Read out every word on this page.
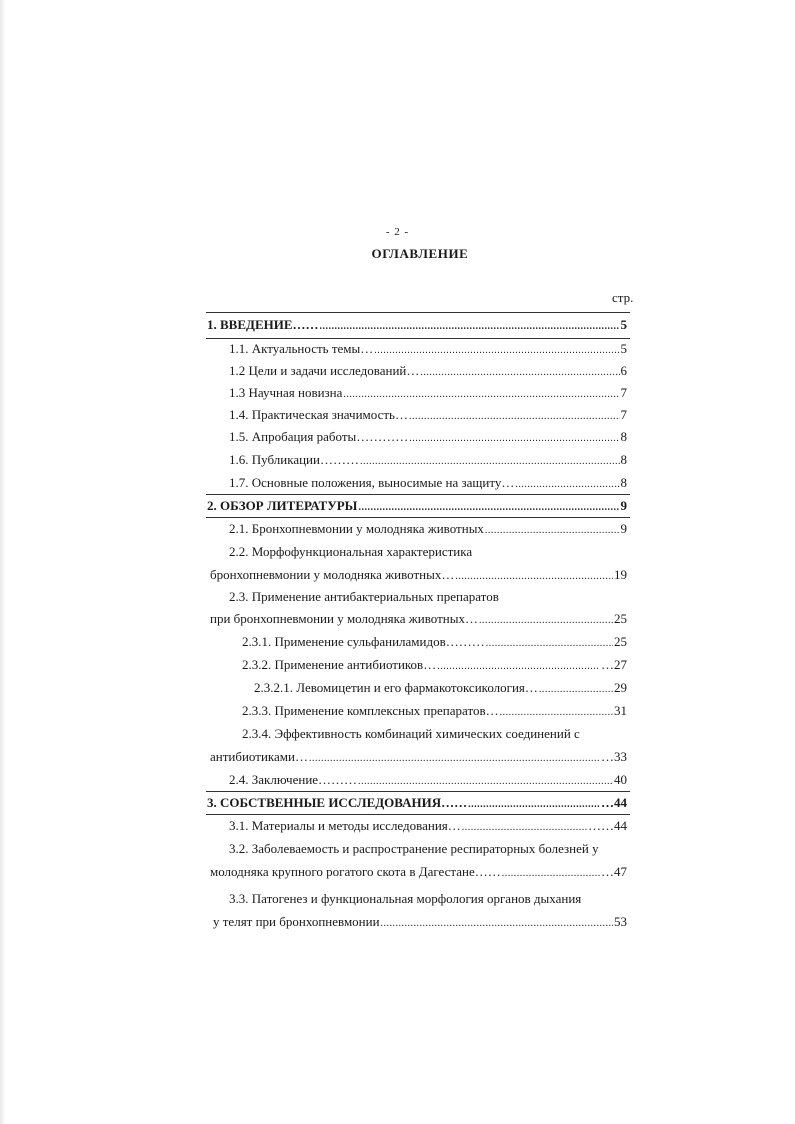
- 2 -
ОГЛАВЛЕНИЕ
стр.
1. ВВЕДЕНИЕ…… .....	5
1.1. Актуальность темы… .....	5
1.2 Цели и задачи исследований… .....	6
1.3 Научная новизна .....	7
1.4. Практическая значимость… .....	7
1.5. Апробация работы………… .....	8
1.6. Публикации……… .....	8
1.7. Основные положения, выносимые на защиту… .....	8
2. ОБЗОР ЛИТЕРАТУРЫ .....	9
2.1. Бронхопневмонии у молодняка животных .....	9
2.2. Морфофункциональная характеристика
бронхопневмонии у молодняка животных… .....	19
2.3. Применение антибактериальных препаратов
при бронхопневмонии у молодняка животных… .....	25
2.3.1. Применение сульфаниламидов……… .....	25
2.3.2. Применение антибиотиков… .....	…27
2.3.2.1. Левомицетин и его фармакотоксикология… .....	29
2.3.3. Применение комплексных препаратов… .....	31
2.3.4. Эффективность комбинаций химических соединений с
антибиотиками… .....	…33
2.4. Заключение……… .....	40
3. СОБСТВЕННЫЕ ИССЛЕДОВАНИЯ…… .....	…44
3.1. Материалы и методы исследования… .....	……44
3.2. Заболеваемость и распространение респираторных болезней у
молодняка крупного рогатого скота в Дагестане…… .....	…47
3.3. Патогенез и функциональная морфология органов дыхания
у телят при бронхопневмонии .....	53
